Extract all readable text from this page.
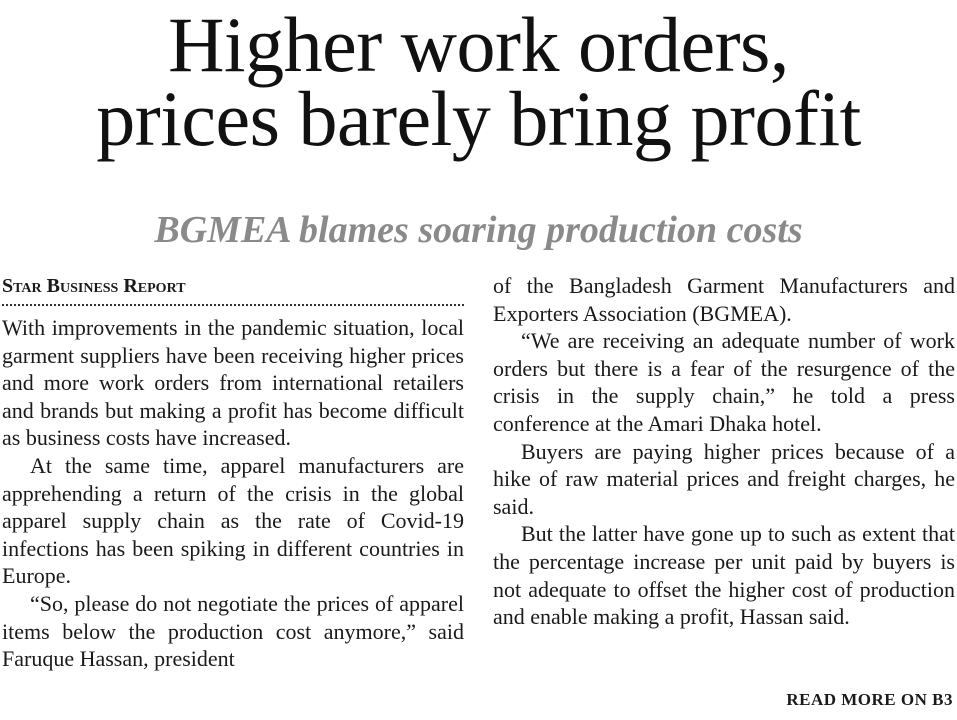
Higher work orders,
prices barely bring profit
BGMEA blames soaring production costs
Star Business Report

With improvements in the pandemic situation, local garment suppliers have been receiving higher prices and more work orders from international retailers and brands but making a profit has become difficult as business costs have increased.

At the same time, apparel manufacturers are apprehending a return of the crisis in the global apparel supply chain as the rate of Covid-19 infections has been spiking in different countries in Europe.

“So, please do not negotiate the prices of apparel items below the production cost anymore,” said Faruque Hassan, president

of the Bangladesh Garment Manufacturers and Exporters Association (BGMEA).

“We are receiving an adequate number of work orders but there is a fear of the resurgence of the crisis in the supply chain,” he told a press conference at the Amari Dhaka hotel.

Buyers are paying higher prices because of a hike of raw material prices and freight charges, he said.

But the latter have gone up to such as extent that the percentage increase per unit paid by buyers is not adequate to offset the higher cost of production and enable making a profit, Hassan said.

READ MORE ON B3
